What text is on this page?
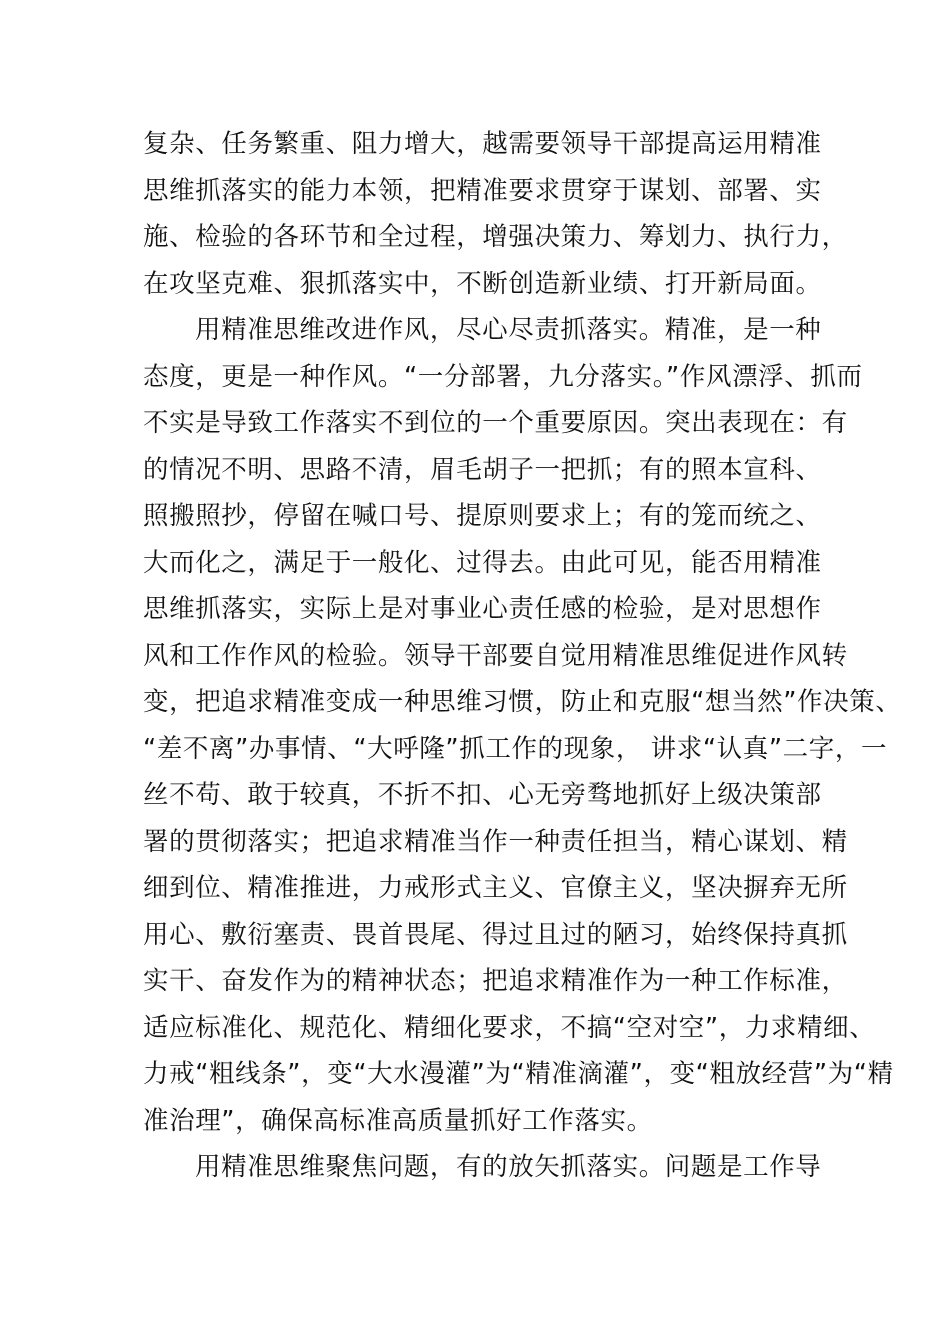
复杂、任务繁重、阻力增大，越需要领导干部提高运用精准
思维抓落实的能力本领，把精准要求贯穿于谋划、部署、实
施、检验的各环节和全过程，增强决策力、筹划力、执行力，
在攻坚克难、狠抓落实中，不断创造新业绩、打开新局面。
用精准思维改进作风，尽心尽责抓落实。精准，是一种
态度，更是一种作风。“一分部署，九分落实。”作风漂浮、抓而
不实是导致工作落实不到位的一个重要原因。突出表现在：有
的情况不明、思路不清，眉毛胡子一把抓；有的照本宣科、
照搬照抄，停留在喊口号、提原则要求上；有的笼而统之、
大而化之，满足于一般化、过得去。由此可见，能否用精准
思维抓落实，实际上是对事业心责任感的检验，是对思想作
风和工作作风的检验。领导干部要自觉用精准思维促进作风转
变，把追求精准变成一种思维习惯，防止和克服“想当然”作决策、
“差不离”办事情、“大呼隆”抓工作的现象， 讲求“认真”二字，一
丝不苟、敢于较真，不折不扣、心无旁骛地抓好上级决策部
署的贯彻落实；把追求精准当作一种责任担当，精心谋划、精
细到位、精准推进，力戒形式主义、官僚主义，坚决摒弃无所
用心、敷衍塞责、畏首畏尾、得过且过的陋习，始终保持真抓
实干、奋发作为的精神状态；把追求精准作为一种工作标准，
适应标准化、规范化、精细化要求，不搞“空对空”，力求精细、
力戒“粗线条”，变“大水漫灌”为“精准滴灌”，变“粗放经营”为“精
准治理”，确保高标准高质量抓好工作落实。
用精准思维聚焦问题，有的放矢抓落实。问题是工作导
